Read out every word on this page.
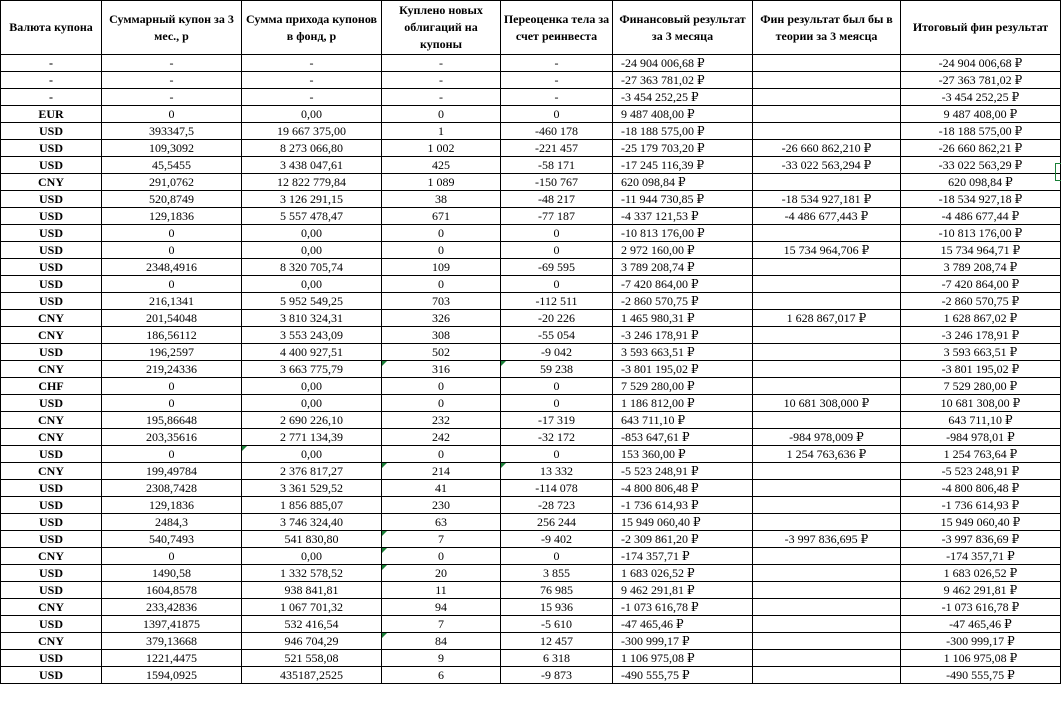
Валюта купона	Суммарный купон за 3 мес., р	Сумма прихода купонов в фонд, р	Куплено новых облигаций на купоны	Переоценка тела за счет реинвеста	Финансовый результат за 3 месяца	Фин результат был бы в теории за 3 меясца	Итоговый фин результат
-	-	-	-	-	-24 904 006,68 ₽		-24 904 006,68 ₽
-	-	-	-	-	-27 363 781,02 ₽		-27 363 781,02 ₽
-	-	-	-	-	-3 454 252,25 ₽		-3 454 252,25 ₽
EUR	0	0,00	0	0	9 487 408,00 ₽		9 487 408,00 ₽
USD	393347,5	19 667 375,00	1	-460 178	-18 188 575,00 ₽		-18 188 575,00 ₽
USD	109,3092	8 273 066,80	1 002	-221 457	-25 179 703,20 ₽	-26 660 862,210 ₽	-26 660 862,21 ₽
USD	45,5455	3 438 047,61	425	-58 171	-17 245 116,39 ₽	-33 022 563,294 ₽	-33 022 563,29 ₽
CNY	291,0762	12 822 779,84	1 089	-150 767	620 098,84 ₽		620 098,84 ₽
USD	520,8749	3 126 291,15	38	-48 217	-11 944 730,85 ₽	-18 534 927,181 ₽	-18 534 927,18 ₽
USD	129,1836	5 557 478,47	671	-77 187	-4 337 121,53 ₽	-4 486 677,443 ₽	-4 486 677,44 ₽
USD	0	0,00	0	0	-10 813 176,00 ₽		-10 813 176,00 ₽
USD	0	0,00	0	0	2 972 160,00 ₽	15 734 964,706 ₽	15 734 964,71 ₽
USD	2348,4916	8 320 705,74	109	-69 595	3 789 208,74 ₽		3 789 208,74 ₽
USD	0	0,00	0	0	-7 420 864,00 ₽		-7 420 864,00 ₽
USD	216,1341	5 952 549,25	703	-112 511	-2 860 570,75 ₽		-2 860 570,75 ₽
CNY	201,54048	3 810 324,31	326	-20 226	1 465 980,31 ₽	1 628 867,017 ₽	1 628 867,02 ₽
CNY	186,56112	3 553 243,09	308	-55 054	-3 246 178,91 ₽		-3 246 178,91 ₽
USD	196,2597	4 400 927,51	502	-9 042	3 593 663,51 ₽		3 593 663,51 ₽
CNY	219,24336	3 663 775,79	316	59 238	-3 801 195,02 ₽		-3 801 195,02 ₽
CHF	0	0,00	0	0	7 529 280,00 ₽		7 529 280,00 ₽
USD	0	0,00	0	0	1 186 812,00 ₽	10 681 308,000 ₽	10 681 308,00 ₽
CNY	195,86648	2 690 226,10	232	-17 319	643 711,10 ₽		643 711,10 ₽
CNY	203,35616	2 771 134,39	242	-32 172	-853 647,61 ₽	-984 978,009 ₽	-984 978,01 ₽
USD	0	0,00	0	0	153 360,00 ₽	1 254 763,636 ₽	1 254 763,64 ₽
CNY	199,49784	2 376 817,27	214	13 332	-5 523 248,91 ₽		-5 523 248,91 ₽
USD	2308,7428	3 361 529,52	41	-114 078	-4 800 806,48 ₽		-4 800 806,48 ₽
USD	129,1836	1 856 885,07	230	-28 723	-1 736 614,93 ₽		-1 736 614,93 ₽
USD	2484,3	3 746 324,40	63	256 244	15 949 060,40 ₽		15 949 060,40 ₽
USD	540,7493	541 830,80	7	-9 402	-2 309 861,20 ₽	-3 997 836,695 ₽	-3 997 836,69 ₽
CNY	0	0,00	0	0	-174 357,71 ₽		-174 357,71 ₽
USD	1490,58	1 332 578,52	20	3 855	1 683 026,52 ₽		1 683 026,52 ₽
USD	1604,8578	938 841,81	11	76 985	9 462 291,81 ₽		9 462 291,81 ₽
CNY	233,42836	1 067 701,32	94	15 936	-1 073 616,78 ₽		-1 073 616,78 ₽
USD	1397,41875	532 416,54	7	-5 610	-47 465,46 ₽		-47 465,46 ₽
CNY	379,13668	946 704,29	84	12 457	-300 999,17 ₽		-300 999,17 ₽
USD	1221,4475	521 558,08	9	6 318	1 106 975,08 ₽		1 106 975,08 ₽
USD	1594,0925	435187,2525	6	-9 873	-490 555,75 ₽		-490 555,75 ₽
